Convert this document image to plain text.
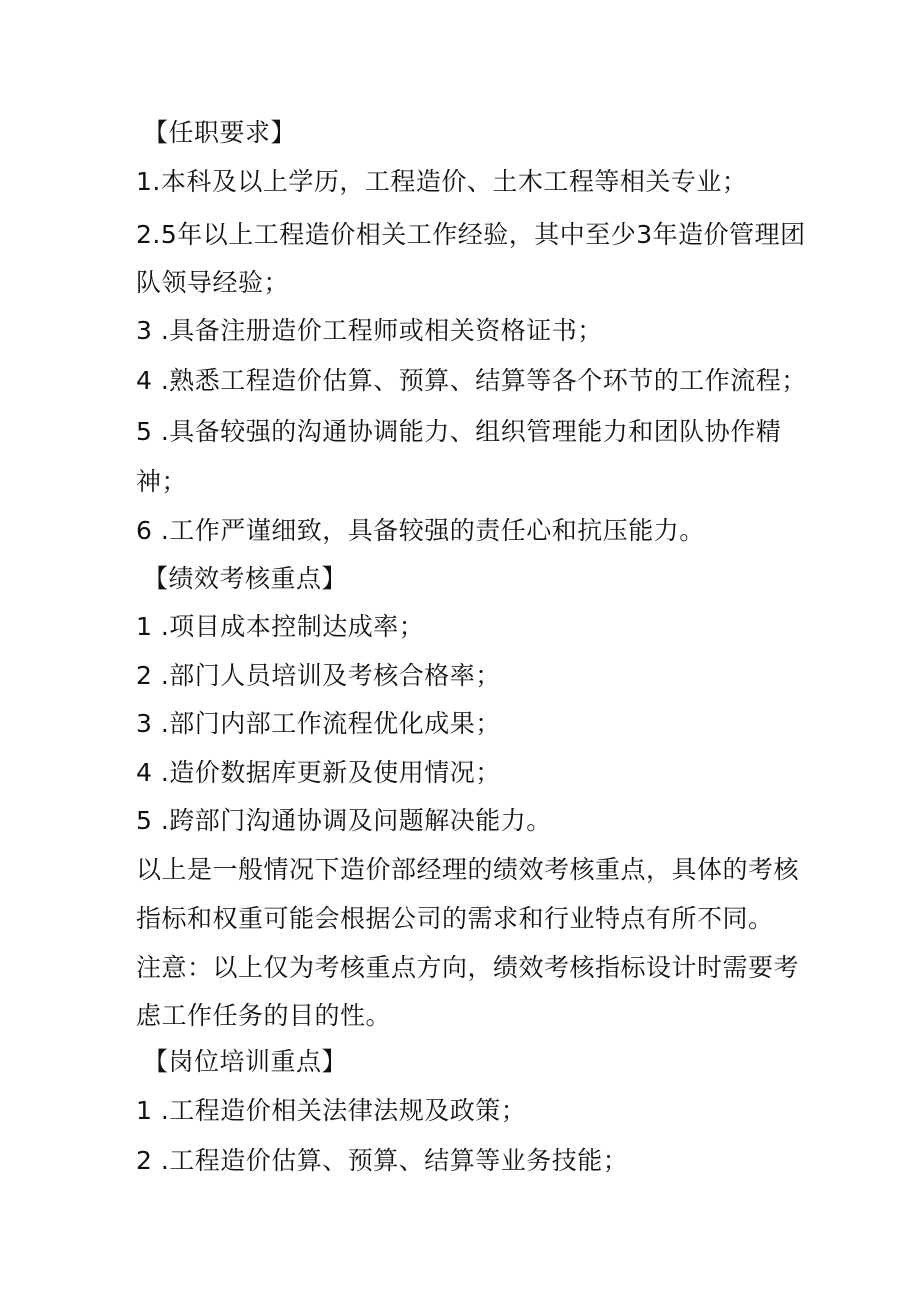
【任职要求】
1.本科及以上学历，工程造价、土木工程等相关专业；
2.5年以上工程造价相关工作经验，其中至少3年造价管理团
队领导经验；
3 .具备注册造价工程师或相关资格证书；
4 .熟悉工程造价估算、预算、结算等各个环节的工作流程；
5 .具备较强的沟通协调能力、组织管理能力和团队协作精
神；
6 .工作严谨细致，具备较强的责任心和抗压能力。
【绩效考核重点】
1 .项目成本控制达成率；
2 .部门人员培训及考核合格率；
3 .部门内部工作流程优化成果；
4 .造价数据库更新及使用情况；
5 .跨部门沟通协调及问题解决能力。
以上是一般情况下造价部经理的绩效考核重点，具体的考核
指标和权重可能会根据公司的需求和行业特点有所不同。
注意：以上仅为考核重点方向，绩效考核指标设计时需要考
虑工作任务的目的性。
【岗位培训重点】
1 .工程造价相关法律法规及政策；
2 .工程造价估算、预算、结算等业务技能；
